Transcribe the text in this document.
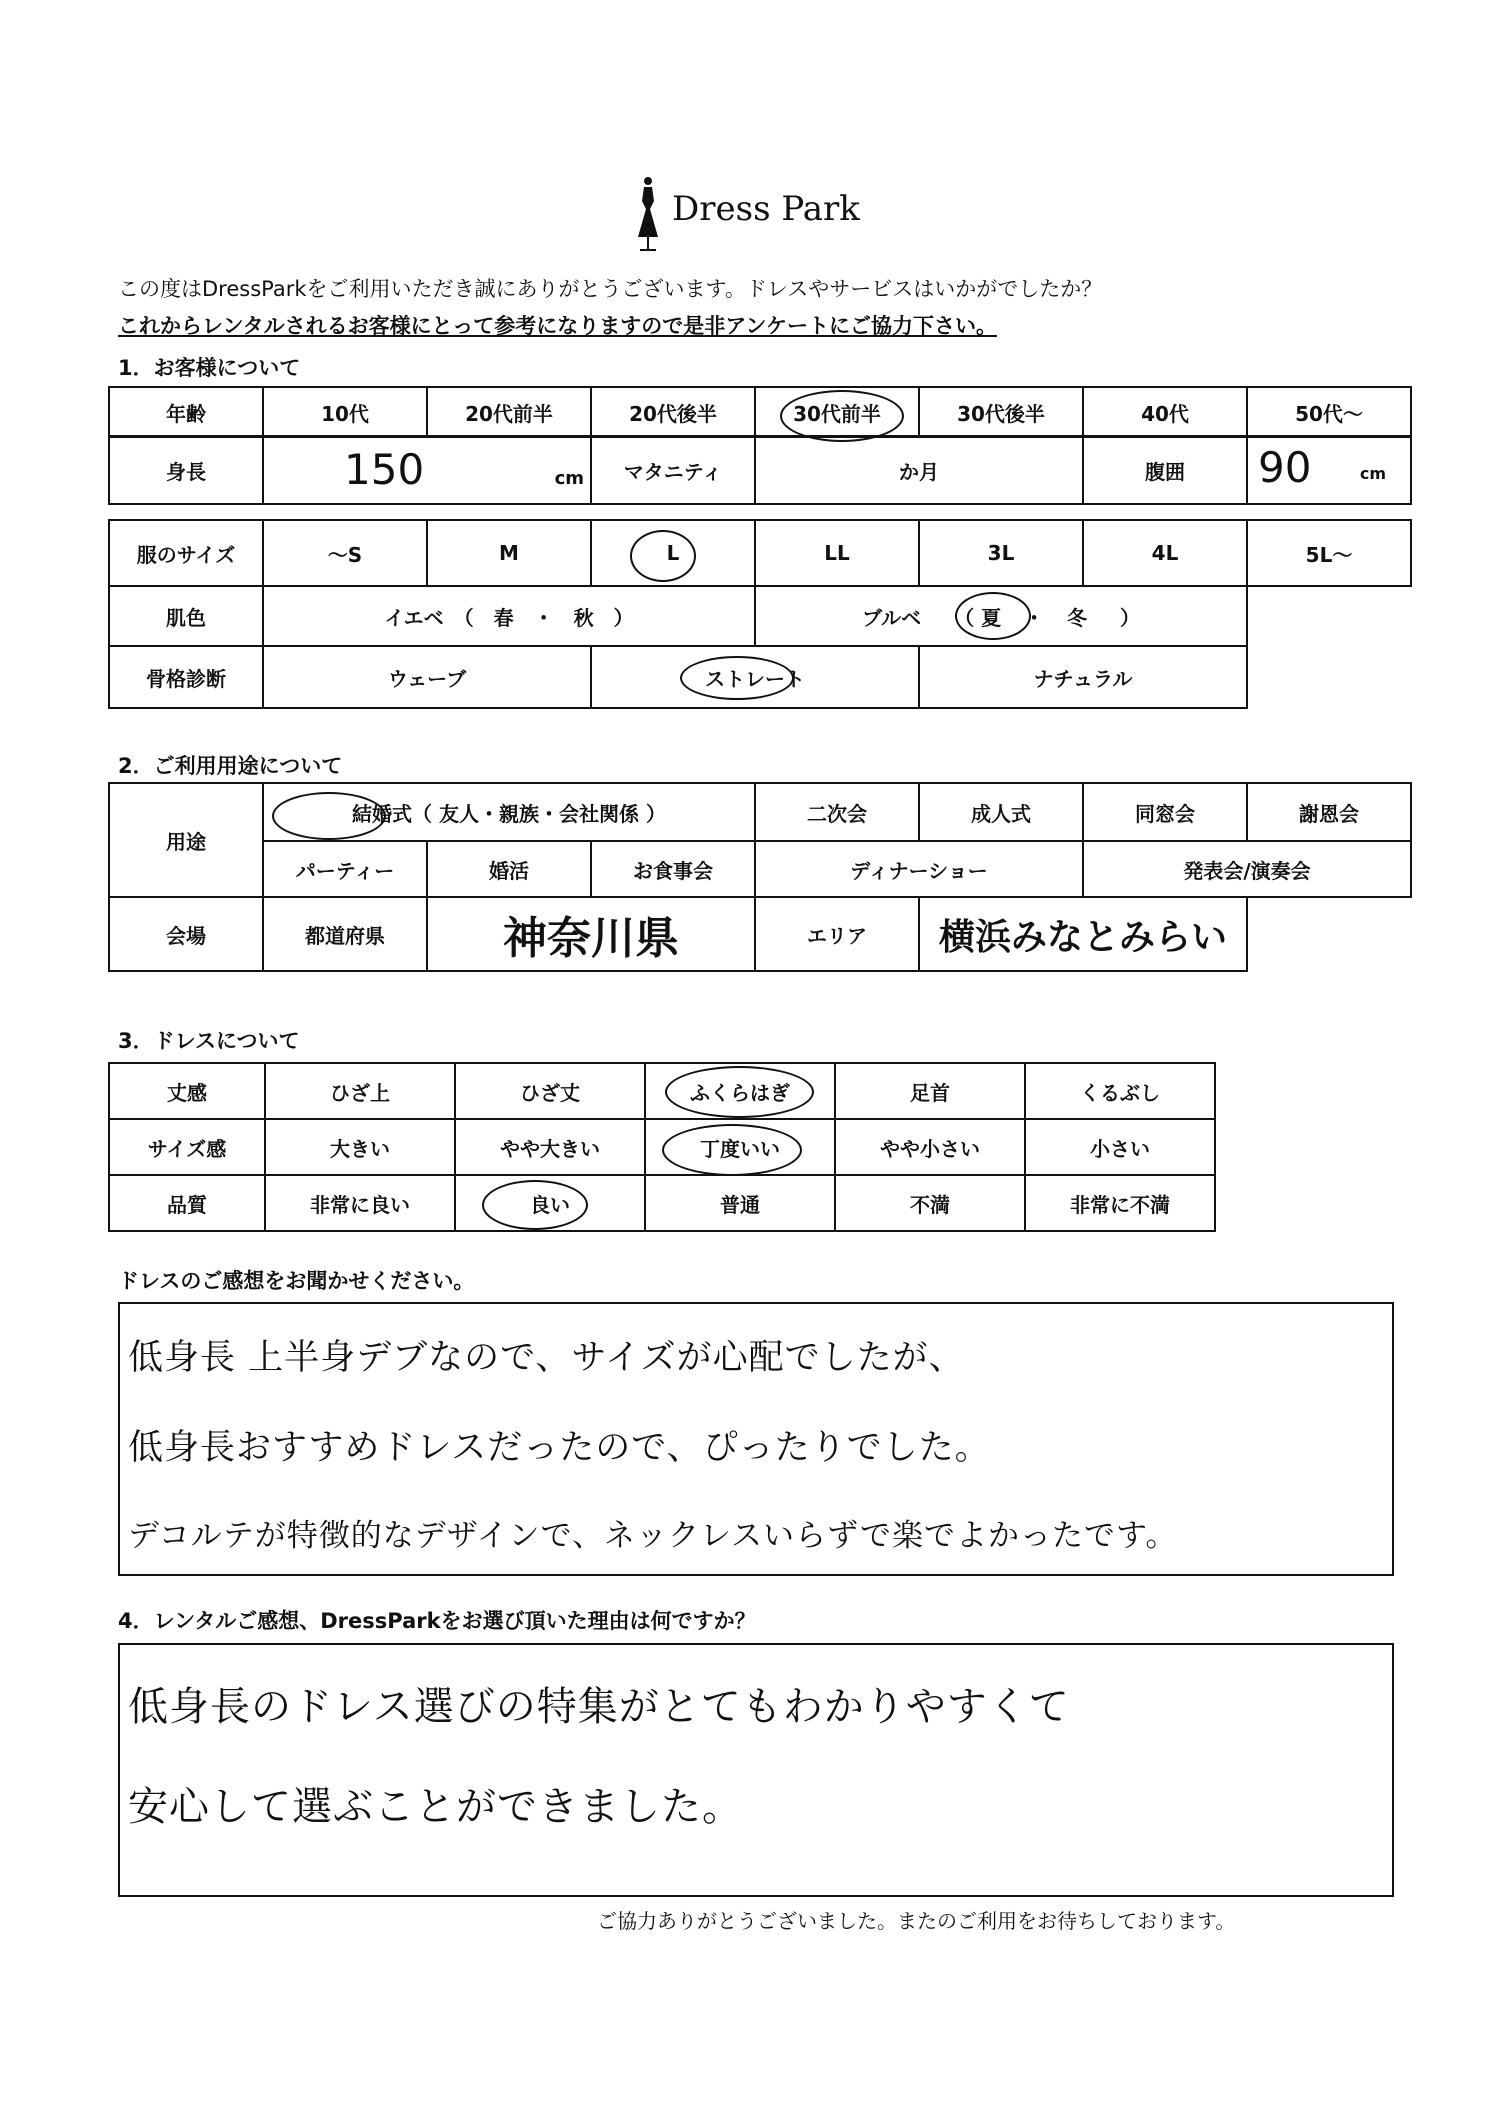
Dress Park
この度はDressParkをご利用いただき誠にありがとうございます。ドレスやサービスはいかがでしたか？
これからレンタルされるお客様にとって参考になりますので是非アンケートにご協力下さい。
1．お客様について
年齢	10代	20代前半	20代後半	30代前半	30代後半	40代	50代～
身長	150	cm	マタニティ	か月	腹囲	90	cm
服のサイズ	～S	M	L	LL	3L	4L	5L～
肌色	イエベ　（　春　・　秋　）	ブルベ （ 夏 ・ 冬 ）	
骨格診断	ウェーブ	ストレート	ナチュラル	
2．ご利用用途について
用途	結婚式（ 友人・親族・会社関係 ）			二次会	成人式	同窓会	謝恩会
	パーティー	婚活	お食事会	ディナーショー		発表会/演奏会	
会場	都道府県	神奈川県	エリア	横浜みなとみらい	
3．ドレスについて
丈感	ひざ上	ひざ丈	ふくらはぎ	足首	くるぶし
サイズ感	大きい	やや大きい	丁度いい	やや小さい	小さい
品質	非常に良い	良い	普通	不満	非常に不満
ドレスのご感想をお聞かせください。
低身長 上半身デブなので、サイズが心配でしたが、
低身長おすすめドレスだったので、ぴったりでした。
デコルテが特徴的なデザインで、ネックレスいらずで楽でよかったです。
4．レンタルご感想、DressParkをお選び頂いた理由は何ですか？
低身長のドレス選びの特集がとてもわかりやすくて
安心して選ぶことができました。
ご協力ありがとうございました。またのご利用をお待ちしております。
